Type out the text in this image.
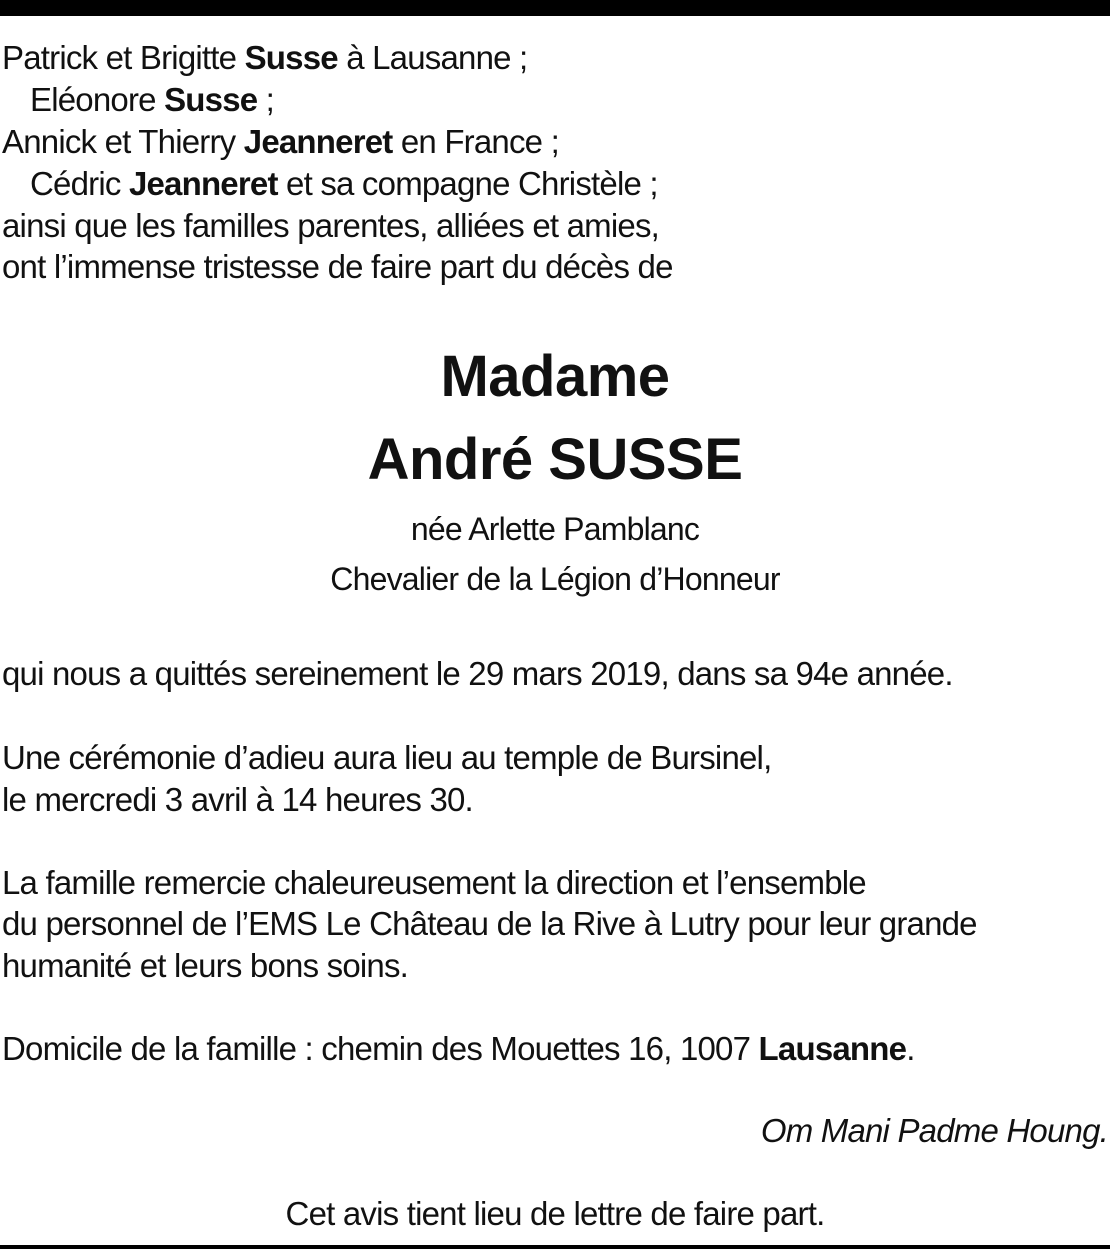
Patrick et Brigitte Susse à Lausanne ;
Eléonore Susse ;
Annick et Thierry Jeanneret en France ;
Cédric Jeanneret et sa compagne Christèle ;
ainsi que les familles parentes, alliées et amies,
ont l’immense tristesse de faire part du décès de
Madame
André SUSSE
née Arlette Pamblanc
Chevalier de la Légion d’Honneur
qui nous a quittés sereinement le 29 mars 2019, dans sa 94e année.
Une cérémonie d’adieu aura lieu au temple de Bursinel,
le mercredi 3 avril à 14 heures 30.
La famille remercie chaleureusement la direction et l’ensemble
du personnel de l’EMS Le Château de la Rive à Lutry pour leur grande
humanité et leurs bons soins.
Domicile de la famille : chemin des Mouettes 16, 1007 Lausanne.
Om Mani Padme Houng.
Cet avis tient lieu de lettre de faire part.
